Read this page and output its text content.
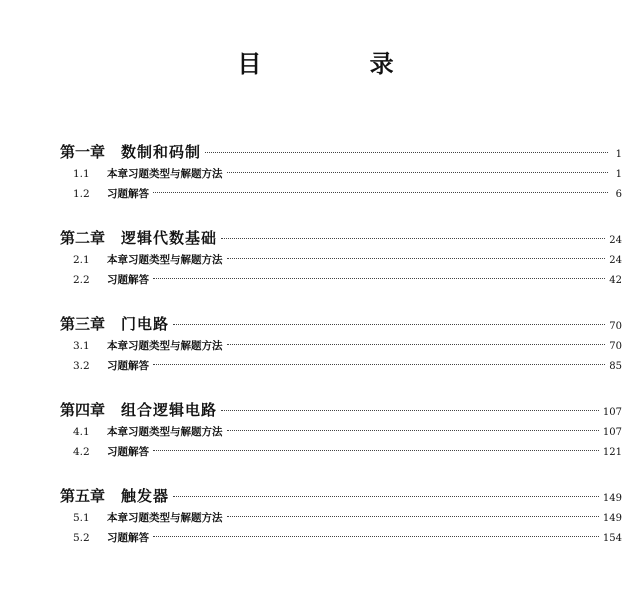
目 录
第一章 数制和码制	1
1.1	本章习题类型与解题方法	1
1.2	习题解答	6
第二章 逻辑代数基础	24
2.1	本章习题类型与解题方法	24
2.2	习题解答	42
第三章 门电路	70
3.1	本章习题类型与解题方法	70
3.2	习题解答	85
第四章 组合逻辑电路	107
4.1	本章习题类型与解题方法	107
4.2	习题解答	121
第五章 触发器	149
5.1	本章习题类型与解题方法	149
5.2	习题解答	154
